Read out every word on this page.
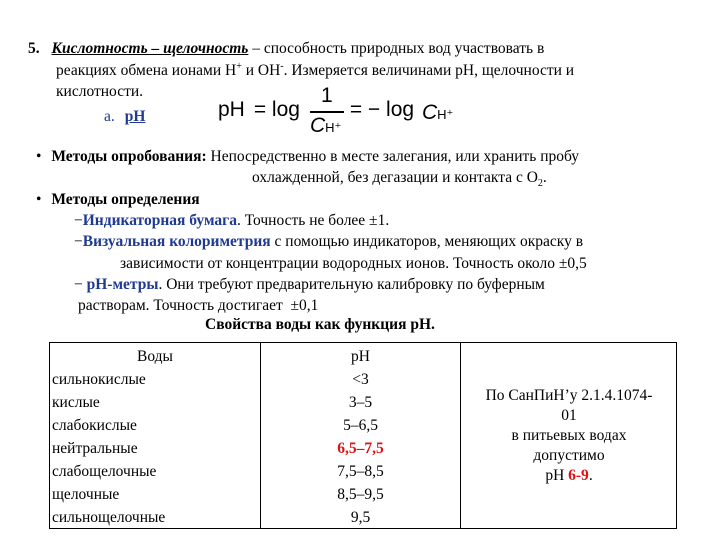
5. Кислотность – щелочность – способность природных вод участвовать в
реакциях обмена ионами Н+ и ОН-. Измеряется величинами рН, щелочности и
кислотности.
а. рН	pH = log
1
CH⁺
= − log CH⁺
• Методы опробования: Непосредственно в месте залегания, или хранить пробу
охлажденной, без дегазации и контакта с $О_2$.
• Методы определения
−Индикаторная бумага. Точность не более ±1.
−Визуальная колориметрия с помощью индикаторов, меняющих окраску в
зависимости от концентрации водородных ионов. Точность около ±0,5
− рН-метры. Они требуют предварительную калибровку по буферным
растворам. Точность достигает  ±0,1
Свойства воды как функция рН.
Воды	рН
сильнокислые	<3
кислые	3–5
слабокислые	5–6,5
нейтральные	6,5–7,5
слабощелочные	7,5–8,5
щелочные	8,5–9,5
сильнощелочные	9,5
По СанПиН’у 2.1.4.1074-
01
в питьевых водах
допустимо
рН 6-9.
